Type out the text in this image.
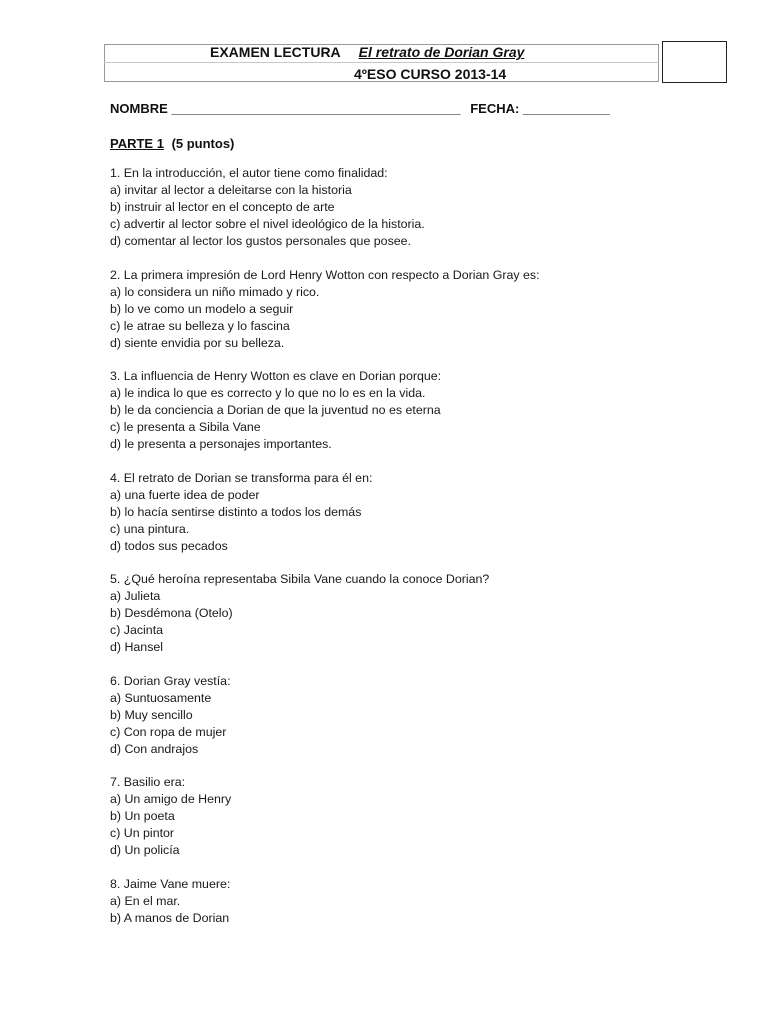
EXAMEN LECTURA El retrato de Dorian Gray
4ºESO CURSO 2013-14
NOMBRE ________________________________________ FECHA: ____________
PARTE 1 (5 puntos)
1. En la introducción, el autor tiene como finalidad:
a) invitar al lector a deleitarse con la historia
b) instruir al lector en el concepto de arte
c) advertir al lector sobre el nivel ideológico de la historia.
d) comentar al lector los gustos personales que posee.
2. La primera impresión de Lord Henry Wotton con respecto a Dorian Gray es:
a) lo considera un niño mimado y rico.
b) lo ve como un modelo a seguir
c) le atrae su belleza y lo fascina
d) siente envidia por su belleza.
3. La influencia de Henry Wotton es clave en Dorian porque:
a) le indica lo que es correcto y lo que no lo es en la vida.
b) le da conciencia a Dorian de que la juventud no es eterna
c) le presenta a Sibila Vane
d) le presenta a personajes importantes.
4. El retrato de Dorian se transforma para él en:
a) una fuerte idea de poder
b) lo hacía sentirse distinto a todos los demás
c) una pintura.
d) todos sus pecados
5. ¿Qué heroína representaba Sibila Vane cuando la conoce Dorian?
a) Julieta
b) Desdémona (Otelo)
c) Jacinta
d) Hansel
6. Dorian Gray vestía:
a) Suntuosamente
b) Muy sencillo
c) Con ropa de mujer
d) Con andrajos
7. Basilio era:
a) Un amigo de Henry
b) Un poeta
c) Un pintor
d) Un policía
8. Jaime Vane muere:
a) En el mar.
b) A manos de Dorian
